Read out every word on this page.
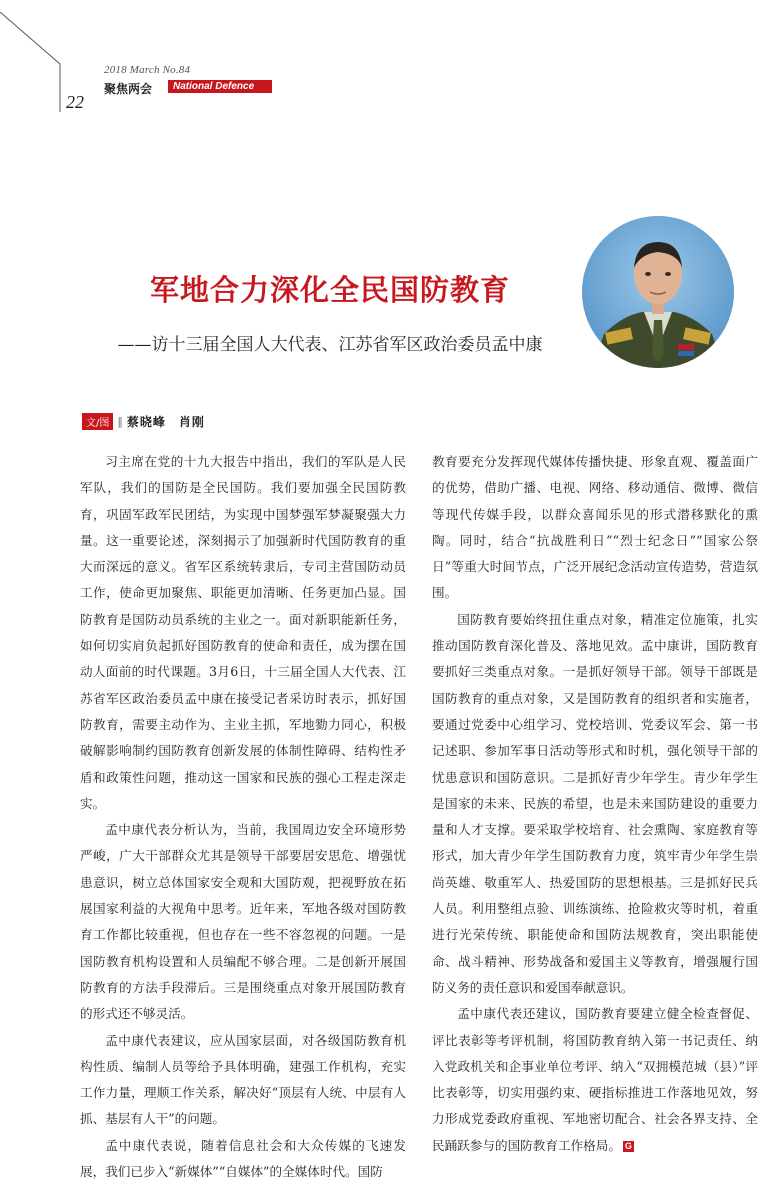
2018 March No.84
聚焦两会	National Defence Education
22
军地合力深化全民国防教育
——访十三届全国人大代表、江苏省军区政治委员孟中康
文/图 ‖ 蔡晓峰　肖刚

习主席在党的十九大报告中指出，我们的军队是人民军队，我们的国防是全民国防。我们要加强全民国防教育，巩固军政军民团结，为实现中国梦强军梦凝聚强大力量。这一重要论述，深刻揭示了加强新时代国防教育的重大而深远的意义。省军区系统转隶后，专司主营国防动员工作，使命更加聚焦、职能更加清晰、任务更加凸显。国防教育是国防动员系统的主业之一。面对新职能新任务，如何切实肩负起抓好国防教育的使命和责任，成为摆在国动人面前的时代课题。3月6日，十三届全国人大代表、江苏省军区政治委员孟中康在接受记者采访时表示，抓好国防教育，需要主动作为、主业主抓，军地勠力同心，积极破解影响制约国防教育创新发展的体制性障碍、结构性矛盾和政策性问题，推动这一国家和民族的强心工程走深走实。

孟中康代表分析认为，当前，我国周边安全环境形势严峻，广大干部群众尤其是领导干部要居安思危、增强忧患意识，树立总体国家安全观和大国防观，把视野放在拓展国家利益的大视角中思考。近年来，军地各级对国防教育工作都比较重视，但也存在一些不容忽视的问题。一是国防教育机构设置和人员编配不够合理。二是创新开展国防教育的方法手段滞后。三是围绕重点对象开展国防教育的形式还不够灵活。

孟中康代表建议，应从国家层面，对各级国防教育机构性质、编制人员等给予具体明确，建强工作机构，充实工作力量，理顺工作关系，解决好“顶层有人统、中层有人抓、基层有人干”的问题。

孟中康代表说，随着信息社会和大众传媒的飞速发展，我们已步入“新媒体”“自媒体”的全媒体时代。国防

教育要充分发挥现代媒体传播快捷、形象直观、覆盖面广的优势，借助广播、电视、网络、移动通信、微博、微信等现代传媒手段，以群众喜闻乐见的形式潜移默化的熏陶。同时，结合“抗战胜利日”“烈士纪念日”“国家公祭日”等重大时间节点，广泛开展纪念活动宣传造势，营造氛围。

国防教育要始终扭住重点对象，精准定位施策，扎实推动国防教育深化普及、落地见效。孟中康讲，国防教育要抓好三类重点对象。一是抓好领导干部。领导干部既是国防教育的重点对象，又是国防教育的组织者和实施者，要通过党委中心组学习、党校培训、党委议军会、第一书记述职、参加军事日活动等形式和时机，强化领导干部的忧患意识和国防意识。二是抓好青少年学生。青少年学生是国家的未来、民族的希望，也是未来国防建设的重要力量和人才支撑。要采取学校培育、社会熏陶、家庭教育等形式，加大青少年学生国防教育力度，筑牢青少年学生崇尚英雄、敬重军人、热爱国防的思想根基。三是抓好民兵人员。利用整组点验、训练演练、抢险救灾等时机，着重进行光荣传统、职能使命和国防法规教育，突出职能使命、战斗精神、形势战备和爱国主义等教育，增强履行国防义务的责任意识和爱国奉献意识。

孟中康代表还建议，国防教育要建立健全检查督促、评比表彰等考评机制，将国防教育纳入第一书记责任、纳入党政机关和企事业单位考评、纳入“双拥模范城（县）”评比表彰等，切实用强约束、硬指标推进工作落地见效，努力形成党委政府重视、军地密切配合、社会各界支持、全民踊跃参与的国防教育工作格局。 G
